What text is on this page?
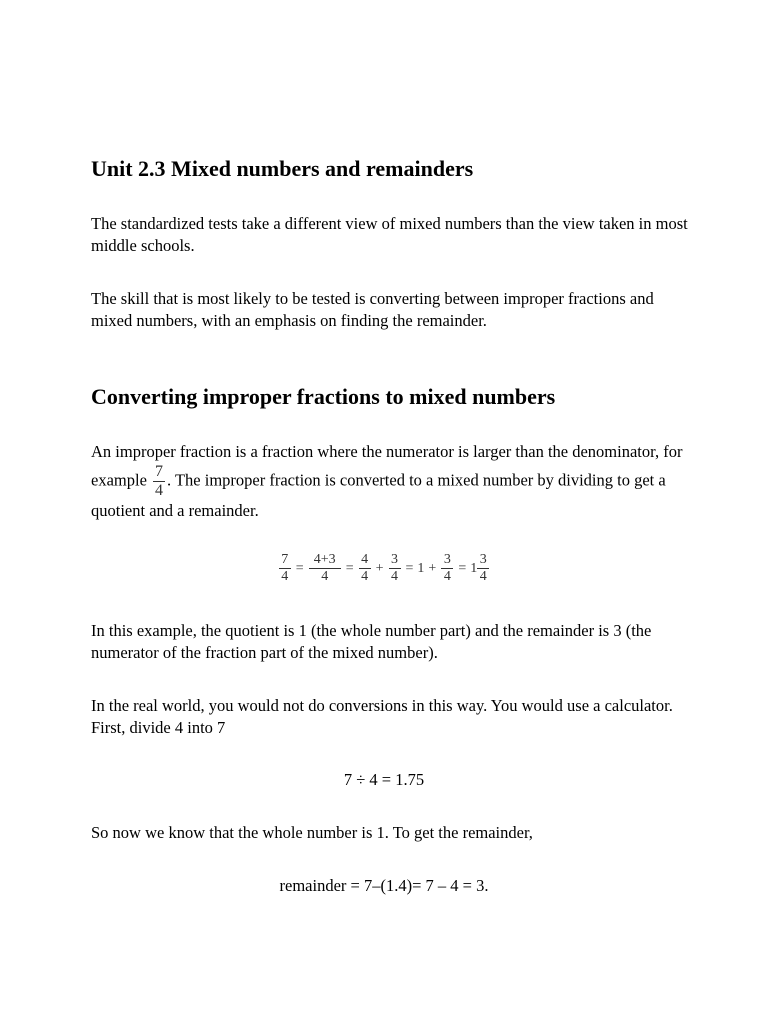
Unit 2.3 Mixed numbers and remainders

The standardized tests take a different view of mixed numbers than the view taken in most middle schools.

The skill that is most likely to be tested is converting between improper fractions and mixed numbers, with an emphasis on finding the remainder.

Converting improper fractions to mixed numbers
An improper fraction is a fraction where the numerator is larger than the denominator, for example $\frac{7}{4}$ . The improper fraction is converted to a mixed number by dividing to get a quotient and a remainder.
$\frac{7}{4} = \frac{4+3}{4} = \frac{4}{4} + \frac{3}{4} = 1 + \frac{3}{4} = 1 \frac{3}{4}$

In this example, the quotient is 1 (the whole number part) and the remainder is 3 (the numerator of the fraction part of the mixed number).

In the real world, you would not do conversions in this way. You would use a calculator. First, divide 4 into 7

7 ÷ 4 = 1.75

So now we know that the whole number is 1. To get the remainder,

remainder = 7–(1.4)= 7 – 4 = 3.
